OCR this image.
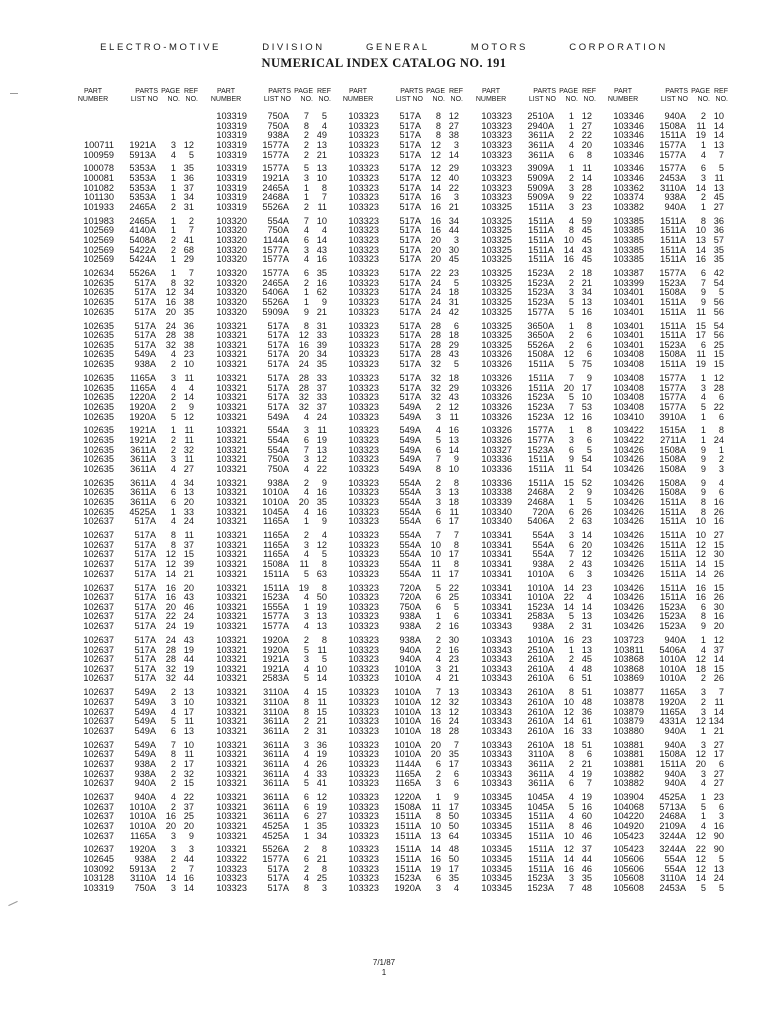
ELECTRO-MOTIVE	DIVISION	GENERAL	MOTORS	CORPORATION
NUMERICAL INDEX CATALOG NO. 191
PART
NUMBER
PARTS
LIST NO
PAGE
NO.
REF
NO.
100711	1921A	3 12
100959	5913A	4	5
100078	5353A	1 35
100081	5353A	1 36
101082	5353A	1 37
101130	5353A	1 34
101933	2465A	2 31
101983	2465A	1	2
102569	4140A	1	7
102569	5408A	2 41
102569	5422A	2 68
102569	5424A	1 29
102634	5526A	1	7
102635	517A	8 32
102635	517A	12 34
102635	517A	16 38
102635	517A	20 35
102635	517A	24 36
102635	517A	28 38
102635	517A	32 38
102635	549A	4 23
102635	938A	2 10
102635	1165A	3 11
102635	1165A	4	4
102635	1220A	2 14
102635	1920A	2	9
102635	1920A	5 12
102635	1921A	1 11
102635	1921A	2 11
102635	3611A	2 32
102635	3611A	3 11
102635	3611A	4 27
102635	3611A	4 34
102635	3611A	6 13
102635	3611A	6 20
102635	4525A	1 33
102637	517A	4 24
102637	517A	8 11
102637	517A	8 37
102637	517A	12 15
102637	517A	12 39
102637	517A	14 21
102637	517A	16 20
102637	517A	16 43
102637	517A	20 46
102637	517A	22 24
102637	517A	24 19
102637	517A	24 43
102637	517A	28 19
102637	517A	28 44
102637	517A	32 19
102637	517A	32 44
102637	549A	2 13
102637	549A	3 10
102637	549A	4 17
102637	549A	5 11
102637	549A	6 13
102637	549A	7 10
102637	549A	8 11
102637	938A	2 17
102637	938A	2 32
102637	940A	2 15
102637	940A	4 22
102637	1010A	2 37
102637	1010A	16 25
102637	1010A	20 20
102637	1165A	3	9
102637	1920A	3	3
102645	938A	2 44
103092	5913A	2	7
103128	3110A	14 16
103319	750A	3 14
PART
NUMBER
PARTS
LIST NO
PAGE
NO.
REF
NO.
103319	750A	7	5
103319	750A	8	4
103319	938A	2 49
103319	1577A	2 13
103319	1577A	2 21
103319	1577A	5 13
103319	1921A	3 10
103319	2465A	1	8
103319	2468A	1	7
103319	5526A	2 11
103320	554A	7 10
103320	750A	4	4
103320	1144A	6 14
103320	1577A	3 43
103320	1577A	4 16
103320	1577A	6 35
103320	2465A	2 16
103320	5406A	1 62
103320	5526A	1	9
103320	5909A	9 21
103321	517A	8 31
103321	517A	12 33
103321	517A	16 39
103321	517A	20 34
103321	517A	24 35
103321	517A	28 33
103321	517A	28 37
103321	517A	32 33
103321	517A	32 37
103321	549A	4 24
103321	554A	3 11
103321	554A	6 19
103321	554A	7 13
103321	750A	3 12
103321	750A	4 22
103321	938A	2	9
103321	1010A	4 16
103321	1010A	20 35
103321	1045A	4 16
103321	1165A	1	9
103321	1165A	2	4
103321	1165A	3 12
103321	1165A	4	5
103321	1508A	11	8
103321	1511A	5 63
103321	1511A	19	8
103321	1523A	4 50
103321	1555A	1 19
103321	1577A	3 13
103321	1577A	4 13
103321	1920A	2	8
103321	1920A	5 11
103321	1921A	3	5
103321	1921A	4 10
103321	2583A	5 14
103321	3110A	4 15
103321	3110A	8 11
103321	3110A	8 15
103321	3611A	2 21
103321	3611A	2 31
103321	3611A	3 36
103321	3611A	4 19
103321	3611A	4 26
103321	3611A	4 33
103321	3611A	5 41
103321	3611A	6 12
103321	3611A	6 19
103321	3611A	6 27
103321	4525A	1 35
103321	4525A	1 34
103321	5526A	2	8
103322	1577A	6 21
103323	517A	2	8
103323	517A	4 25
103323	517A	8	3
PART
NUMBER
PARTS
LIST NO
PAGE
NO.
REF
NO.
103323	517A	8 12
103323	517A	8 27
103323	517A	8 38
103323	517A	12	3
103323	517A	12 14
103323	517A	12 29
103323	517A	12 40
103323	517A	14 22
103323	517A	16	3
103323	517A	16 21
103323	517A	16 34
103323	517A	16 44
103323	517A	20	3
103323	517A	20 30
103323	517A	20 45
103323	517A	22 23
103323	517A	24	5
103323	517A	24 18
103323	517A	24 31
103323	517A	24 42
103323	517A	28	6
103323	517A	28 18
103323	517A	28 29
103323	517A	28 43
103323	517A	32	5
103323	517A	32 18
103323	517A	32 29
103323	517A	32 43
103323	549A	2 12
103323	549A	3 11
103323	549A	4 16
103323	549A	5 13
103323	549A	6 14
103323	549A	7	9
103323	549A	8 10
103323	554A	2	8
103323	554A	3 13
103323	554A	3 18
103323	554A	6 11
103323	554A	6 17
103323	554A	7	7
103323	554A	10	8
103323	554A	10 17
103323	554A	11	8
103323	554A	11 17
103323	720A	5 22
103323	720A	6 25
103323	750A	6	5
103323	938A	1	6
103323	938A	2 16
103323	938A	2 30
103323	940A	2 16
103323	940A	4 23
103323	1010A	3 21
103323	1010A	4 21
103323	1010A	7 13
103323	1010A	12 32
103323	1010A	13 12
103323	1010A	16 24
103323	1010A	18 28
103323	1010A	20	7
103323	1010A	20 35
103323	1144A	6 17
103323	1165A	2	6
103323	1165A	3	6
103323	1220A	1	9
103323	1508A	11 17
103323	1511A	8 50
103323	1511A	10 50
103323	1511A	13 64
103323	1511A	14 48
103323	1511A	16 50
103323	1511A	19 17
103323	1523A	6 35
103323	1920A	3	4
PART
NUMBER
PARTS
LIST NO
PAGE
NO.
REF
NO.
103323	2510A	1 12
103323	2940A	1 27
103323	3611A	2 22
103323	3611A	4 20
103323	3611A	6	8
103323	3909A	1 11
103323	5909A	2 14
103323	5909A	3 28
103323	5909A	9 22
103325	1511A	3 23
103325	1511A	4 59
103325	1511A	8 45
103325	1511A	10 45
103325	1511A	14 43
103325	1511A	16 45
103325	1523A	2 18
103325	1523A	2 21
103325	1523A	3 34
103325	1523A	5 13
103325	1577A	5 16
103325	3650A	1	8
103325	3650A	2	6
103325	5526A	2	6
103326	1508A	12	6
103326	1511A	5 75
103326	1511A	7	9
103326	1511A	20 17
103326	1523A	5 10
103326	1523A	7 53
103326	1523A	12 16
103326	1577A	1	8
103326	1577A	3	6
103327	1523A	6	5
103336	1511A	9 54
103336	1511A	11 54
103336	1511A	15 52
103338	2468A	2	9
103339	2468A	1	5
103340	720A	6 26
103340	5406A	2 63
103341	554A	3 14
103341	554A	6 20
103341	554A	7 12
103341	938A	2 43
103341	1010A	6	3
103341	1010A	14 23
103341	1010A	22	4
103341	1523A	14 14
103341	2583A	5 13
103343	938A	2 31
103343	1010A	16 23
103343	2510A	1 13
103343	2610A	2 45
103343	2610A	4 48
103343	2610A	6 51
103343	2610A	8 51
103343	2610A	10 48
103343	2610A	12 36
103343	2610A	14 61
103343	2610A	16 33
103343	2610A	18 51
103343	3110A	8	6
103343	3611A	2 21
103343	3611A	4 19
103343	3611A	6	7
103345	1045A	4 19
103345	1045A	5 16
103345	1511A	4 60
103345	1511A	8 46
103345	1511A	10 46
103345	1511A	12 37
103345	1511A	14 44
103345	1511A	16 46
103345	1523A	3 35
103345	1523A	7 48
PART
NUMBER
PARTS
LIST NO
PAGE
NO.
REF
NO.
103346	940A	2 10
103346	1508A	11 14
103346	1511A	19 14
103346	1577A	1 13
103346	1577A	4	7
103346	1577A	6	5
103346	2453A	3 11
103362	3110A	14 13
103374	938A	2 45
103382	940A	1 27
103385	1511A	8 36
103385	1511A	10 36
103385	1511A	13 57
103385	1511A	14 35
103385	1511A	16 35
103387	1577A	6 42
103399	1523A	7 54
103401	1508A	9	5
103401	1511A	9 56
103401	1511A	11 56
103401	1511A	15 54
103401	1511A	17 56
103401	1523A	6 25
103408	1508A	11 15
103408	1511A	19 15
103408	1577A	1 12
103408	1577A	3 28
103408	1577A	4	6
103408	1577A	5 22
103410	3910A	1	6
103422	1515A	1	8
103422	2711A	1 24
103426	1508A	9	1
103426	1508A	9	2
103426	1508A	9	3
103426	1508A	9	4
103426	1508A	9	6
103426	1511A	8 16
103426	1511A	8 26
103426	1511A	10 16
103426	1511A	10 27
103426	1511A	12 15
103426	1511A	12 30
103426	1511A	14 15
103426	1511A	14 26
103426	1511A	16 15
103426	1511A	16 26
103426	1523A	6 30
103426	1523A	8 16
103426	1523A	9 20
103723	940A	1 12
103811	5406A	4 37
103868	1010A	12 14
103868	1010A	18 15
103869	1010A	2 26
103877	1165A	3	7
103878	1920A	2 11
103879	1165A	3 14
103879	4331A	12 134
103880	940A	1 21
103881	940A	3 27
103881	1508A	12 17
103881	1511A	20	6
103882	940A	3 27
103882	940A	4 27
103904	4525A	1 23
104068	5713A	5	6
104220	2468A	1	3
104920	2109A	4 16
105423	3244A	12 90
105423	3244A	22 90
105606	554A	12	5
105606	554A	12 13
105608	3110A	14 24
105608	2453A	5	5
7/1/87
1
